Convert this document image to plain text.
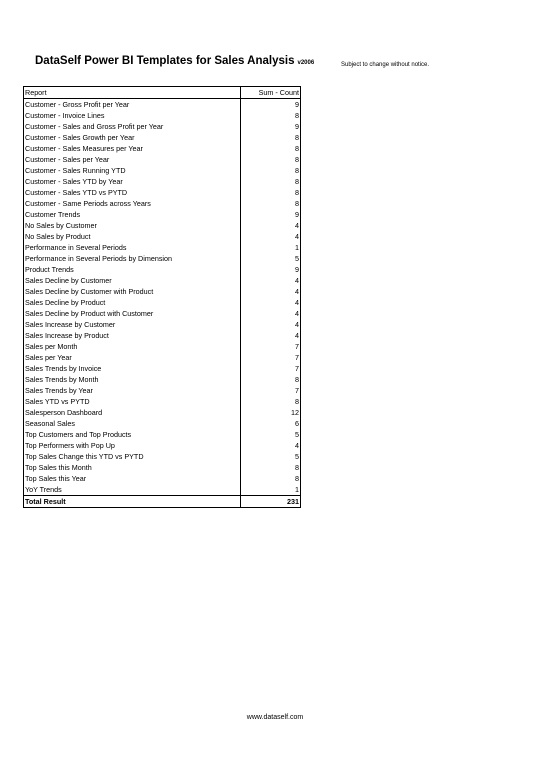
DataSelf Power BI Templates for Sales Analysis v2006	Subject to change without notice.
Report	Sum - Count
Customer - Gross Profit per Year	9
Customer - Invoice Lines	8
Customer - Sales and Gross Profit per Year	9
Customer - Sales Growth per Year	8
Customer - Sales Measures per Year	8
Customer - Sales per Year	8
Customer - Sales Running YTD	8
Customer - Sales YTD by Year	8
Customer - Sales YTD vs PYTD	8
Customer - Same Periods across Years	8
Customer Trends	9
No Sales by Customer	4
No Sales by Product	4
Performance in Several Periods	1
Performance in Several Periods by Dimension	5
Product Trends	9
Sales Decline by Customer	4
Sales Decline by Customer with Product	4
Sales Decline by Product	4
Sales Decline by Product with Customer	4
Sales Increase by Customer	4
Sales Increase by Product	4
Sales per Month	7
Sales per Year	7
Sales Trends by Invoice	7
Sales Trends by Month	8
Sales Trends by Year	7
Sales YTD vs PYTD	8
Salesperson Dashboard	12
Seasonal Sales	6
Top Customers and Top Products	5
Top Performers with Pop Up	4
Top Sales Change this YTD vs PYTD	5
Top Sales this Month	8
Top Sales this Year	8
YoY Trends	1
Total Result	231
www.dataself.com
